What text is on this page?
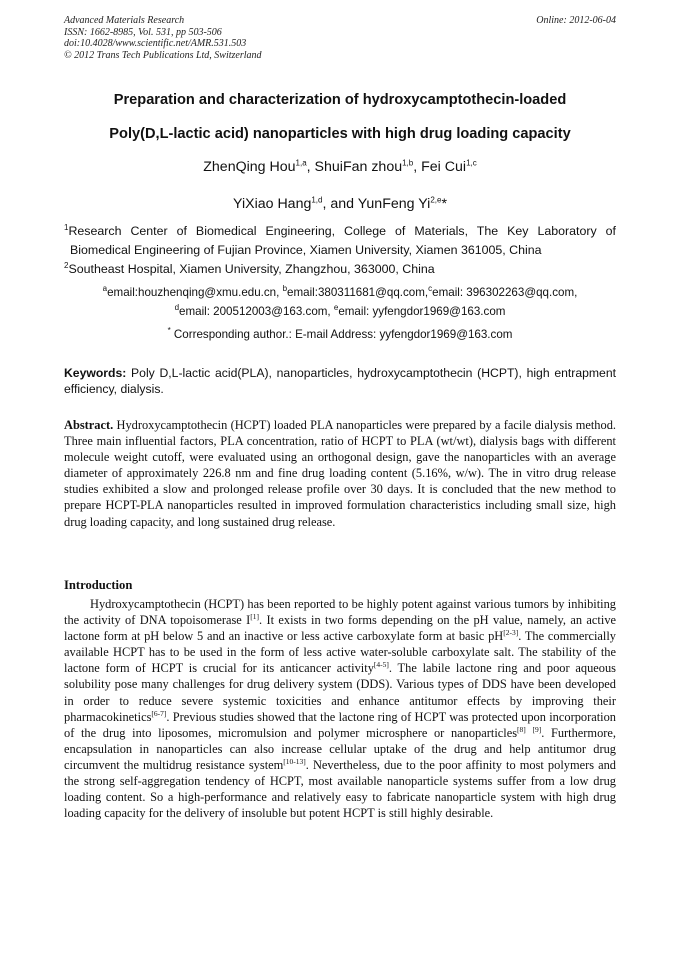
Advanced Materials Research
ISSN: 1662-8985, Vol. 531, pp 503-506
doi:10.4028/www.scientific.net/AMR.531.503
© 2012 Trans Tech Publications Ltd, Switzerland
Online: 2012-06-04
Preparation and characterization of hydroxycamptothecin-loaded
Poly(D,L-lactic acid) nanoparticles with high drug loading capacity
ZhenQing Hou$^{1,a}$, ShuiFan zhou$^{1,b}$, Fei Cui$^{1,c}$
YiXiao Hang$^{1,d}$, and YunFeng Yi$^{2,e}$*
$^1$Research Center of Biomedical Engineering, College of Materials, The Key Laboratory of
Biomedical Engineering of Fujian Province, Xiamen University, Xiamen 361005, China
$^2$Southeast Hospital, Xiamen University, Zhangzhou, 363000, China
$^a$email:houzhenqing@xmu.edu.cn, $^b$email:380311681@qq.com,$^c$email: 396302263@qq.com,
$^d$email: 200512003@163.com, $^e$email: yyfengdor1969@163.com
* Corresponding author.: E-mail Address: yyfengdor1969@163.com
Keywords: Poly D,L-lactic acid(PLA), nanoparticles, hydroxycamptothecin (HCPT), high entrapment efficiency, dialysis.
Abstract. Hydroxycamptothecin (HCPT) loaded PLA nanoparticles were prepared by a facile dialysis method. Three main influential factors, PLA concentration, ratio of HCPT to PLA (wt/wt), dialysis bags with different molecule weight cutoff, were evaluated using an orthogonal design, gave the nanoparticles with an average diameter of approximately 226.8 nm and fine drug loading content (5.16%, w/w). The in vitro drug release studies exhibited a slow and prolonged release profile over 30 days. It is concluded that the new method to prepare HCPT-PLA nanoparticles resulted in improved formulation characteristics including small size, high drug loading capacity, and long sustained drug release.
Introduction
Hydroxycamptothecin (HCPT) has been reported to be highly potent against various tumors by inhibiting the activity of DNA topoisomerase I[1]. It exists in two forms depending on the pH value, namely, an active lactone form at pH below 5 and an inactive or less active carboxylate form at basic pH[2-3]. The commercially available HCPT has to be used in the form of less active water-soluble carboxylate salt. The stability of the lactone form of HCPT is crucial for its anticancer activity[4-5]. The labile lactone ring and poor aqueous solubility pose many challenges for drug delivery system (DDS). Various types of DDS have been developed in order to reduce severe systemic toxicities and enhance antitumor effects by improving their pharmacokinetics[6-7]. Previous studies showed that the lactone ring of HCPT was protected upon incorporation of the drug into liposomes, micromulsion and polymer microsphere or nanoparticles[8] [9]. Furthermore, encapsulation in nanoparticles can also increase cellular uptake of the drug and help antitumor drug circumvent the multidrug resistance system[10-13]. Nevertheless, due to the poor affinity to most polymers and the strong self-aggregation tendency of HCPT, most available nanoparticle systems suffer from a low drug loading content. So a high-performance and relatively easy to fabricate nanoparticle system with high drug loading capacity for the delivery of insoluble but potent HCPT is still highly desirable.
